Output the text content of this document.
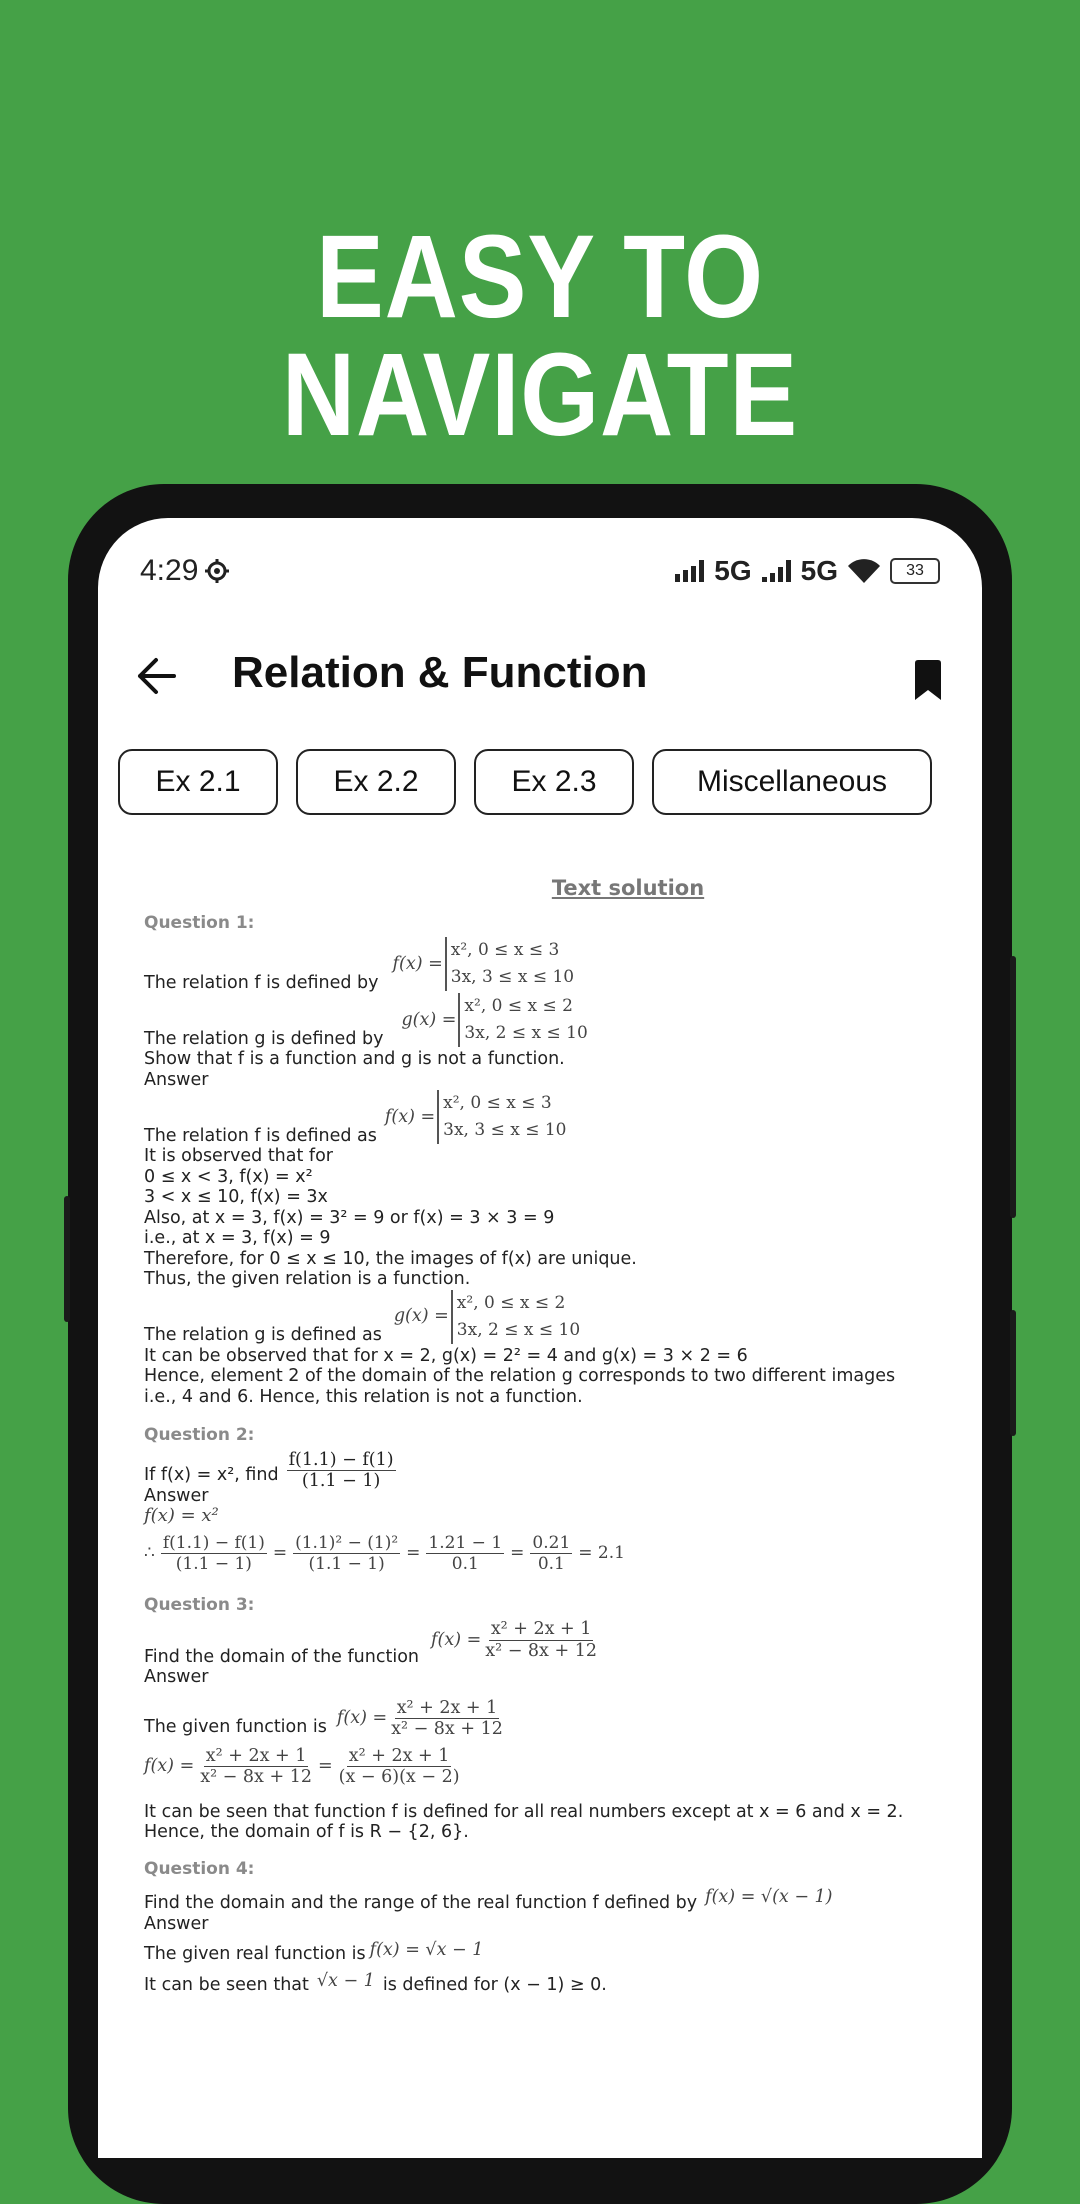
EASY TO NAVIGATE
4:29	5G 5G	33
Relation & Function
Ex 2.1	Ex 2.2	Ex 2.3	Miscellaneous
Text solution
Question 1:
The relation f is defined by
f(x) =
x², 0 ≤ x ≤ 3
3x, 3 ≤ x ≤ 10
The relation g is defined by
g(x) =
x², 0 ≤ x ≤ 2
3x, 2 ≤ x ≤ 10
Show that f is a function and g is not a function.
Answer
The relation f is defined as
f(x) =
x², 0 ≤ x ≤ 3
3x, 3 ≤ x ≤ 10
It is observed that for
0 ≤ x < 3, f(x) = x²
3 < x ≤ 10, f(x) = 3x
Also, at x = 3, f(x) = 3² = 9 or f(x) = 3 × 3 = 9
i.e., at x = 3, f(x) = 9
Therefore, for 0 ≤ x ≤ 10, the images of f(x) are unique.
Thus, the given relation is a function.
The relation g is defined as
g(x) =
x², 0 ≤ x ≤ 2
3x, 2 ≤ x ≤ 10
It can be observed that for x = 2, g(x) = 2² = 4 and g(x) = 3 × 2 = 6
Hence, element 2 of the domain of the relation g corresponds to two different images
i.e., 4 and 6. Hence, this relation is not a function.
Question 2:
If f(x) = x², find $\frac{f(1.1) - f(1)}{(1.1 - 1)}$
Answer
f(x) = x²
∴ $\frac{f(1.1) - f(1)}{(1.1 - 1)} = \frac{\text{(1.1)² − (1)²}}{(1.1 - 1)} = \frac{1.21 - 1}{0.1} = \frac{0.21}{0.1} = 2.1$
Question 3:
Find the domain of the function
$f(x) = \frac{\text{x² + 2x + 1}}{\text{x² − 8x + 12}}$
Answer
The given function is $f(x) = \frac{\text{x² + 2x + 1}}{\text{x² − 8x + 12}}$
$f(x) = \frac{\text{x² + 2x + 1}}{\text{x² − 8x + 12}} = \frac{\text{x² + 2x + 1}}{(x - 6)(x - 2)}$
It can be seen that function f is defined for all real numbers except at x = 6 and x = 2.
Hence, the domain of f is R − {2, 6}.
Question 4:
Find the domain and the range of the real function f defined by f(x) = √(x − 1)
Answer
The given real function is f(x) = √x − 1
It can be seen that √x − 1 is defined for (x − 1) ≥ 0.
